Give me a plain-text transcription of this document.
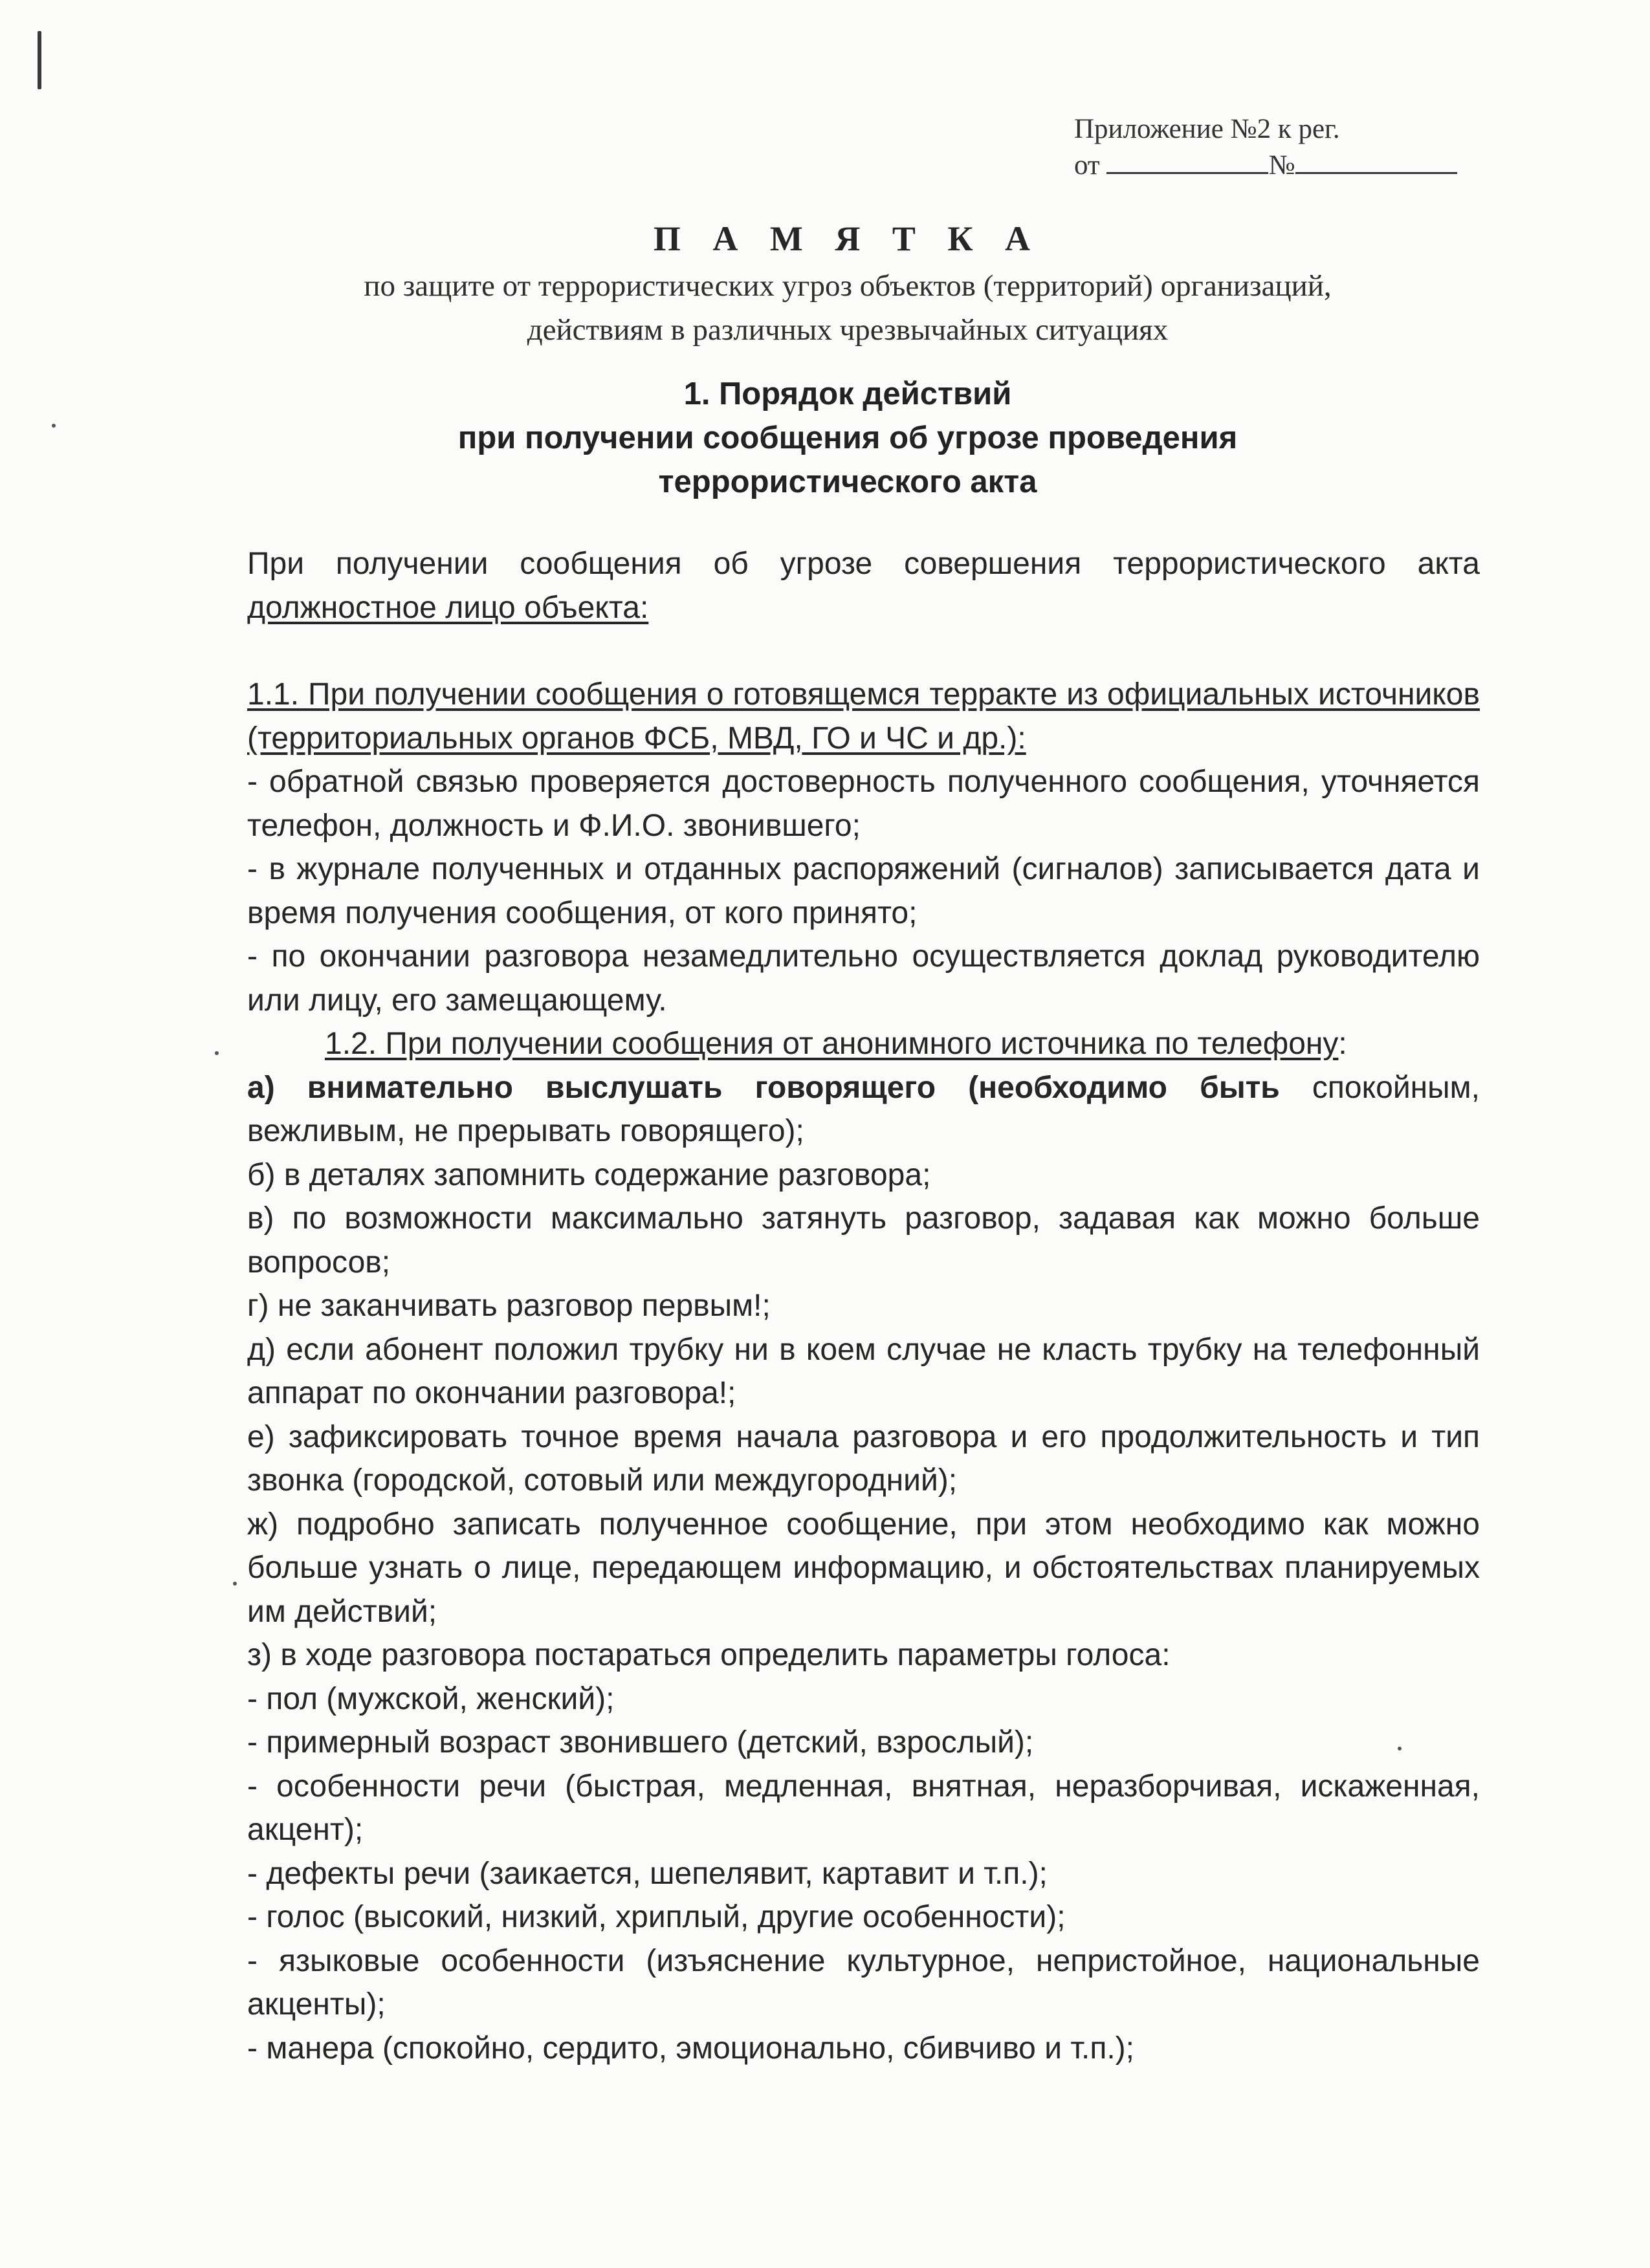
Приложение №2 к рег.
от	№

П А М Я Т К А

по защите от террористических угроз объектов (территорий) организаций,

действиям в различных чрезвычайных ситуациях

1. Порядок действий
при получении сообщения об угрозе проведения
террористического акта

При получении сообщения об угрозе совершения террористического акта

должностное лицо объекта:

1.1. При получении сообщения о готовящемся терракте из официальных источников (территориальных органов ФСБ, МВД, ГО и ЧС и др.):

- обратной связью проверяется достоверность полученного сообщения, уточняется телефон, должность и Ф.И.О. звонившего;

- в журнале полученных и отданных распоряжений (сигналов) записывается дата и время получения сообщения, от кого принято;

- по окончании разговора незамедлительно осуществляется доклад руководителю или лицу, его замещающему.

1.2. При получении сообщения от анонимного источника по телефону:

а) внимательно выслушать говорящего (необходимо быть спокойным, вежливым, не прерывать говорящего);

б) в деталях запомнить содержание разговора;

в) по возможности максимально затянуть разговор, задавая как можно больше вопросов;

г) не заканчивать разговор первым!;

д) если абонент положил трубку ни в коем случае не класть трубку на телефонный аппарат по окончании разговора!;

е) зафиксировать точное время начала разговора и его продолжительность и тип звонка (городской, сотовый или междугородний);

ж) подробно записать полученное сообщение, при этом необходимо как можно больше узнать о лице, передающем информацию, и обстоятельствах планируемых им действий;

з) в ходе разговора постараться определить параметры голоса:

- пол (мужской, женский);

- примерный возраст звонившего (детский, взрослый);

- особенности речи (быстрая, медленная, внятная, неразборчивая, искаженная, акцент);

- дефекты речи (заикается, шепелявит, картавит и т.п.);

- голос (высокий, низкий, хриплый, другие особенности);

- языковые особенности (изъяснение культурное, непристойное, национальные акценты);

- манера (спокойно, сердито, эмоционально, сбивчиво и т.п.);
